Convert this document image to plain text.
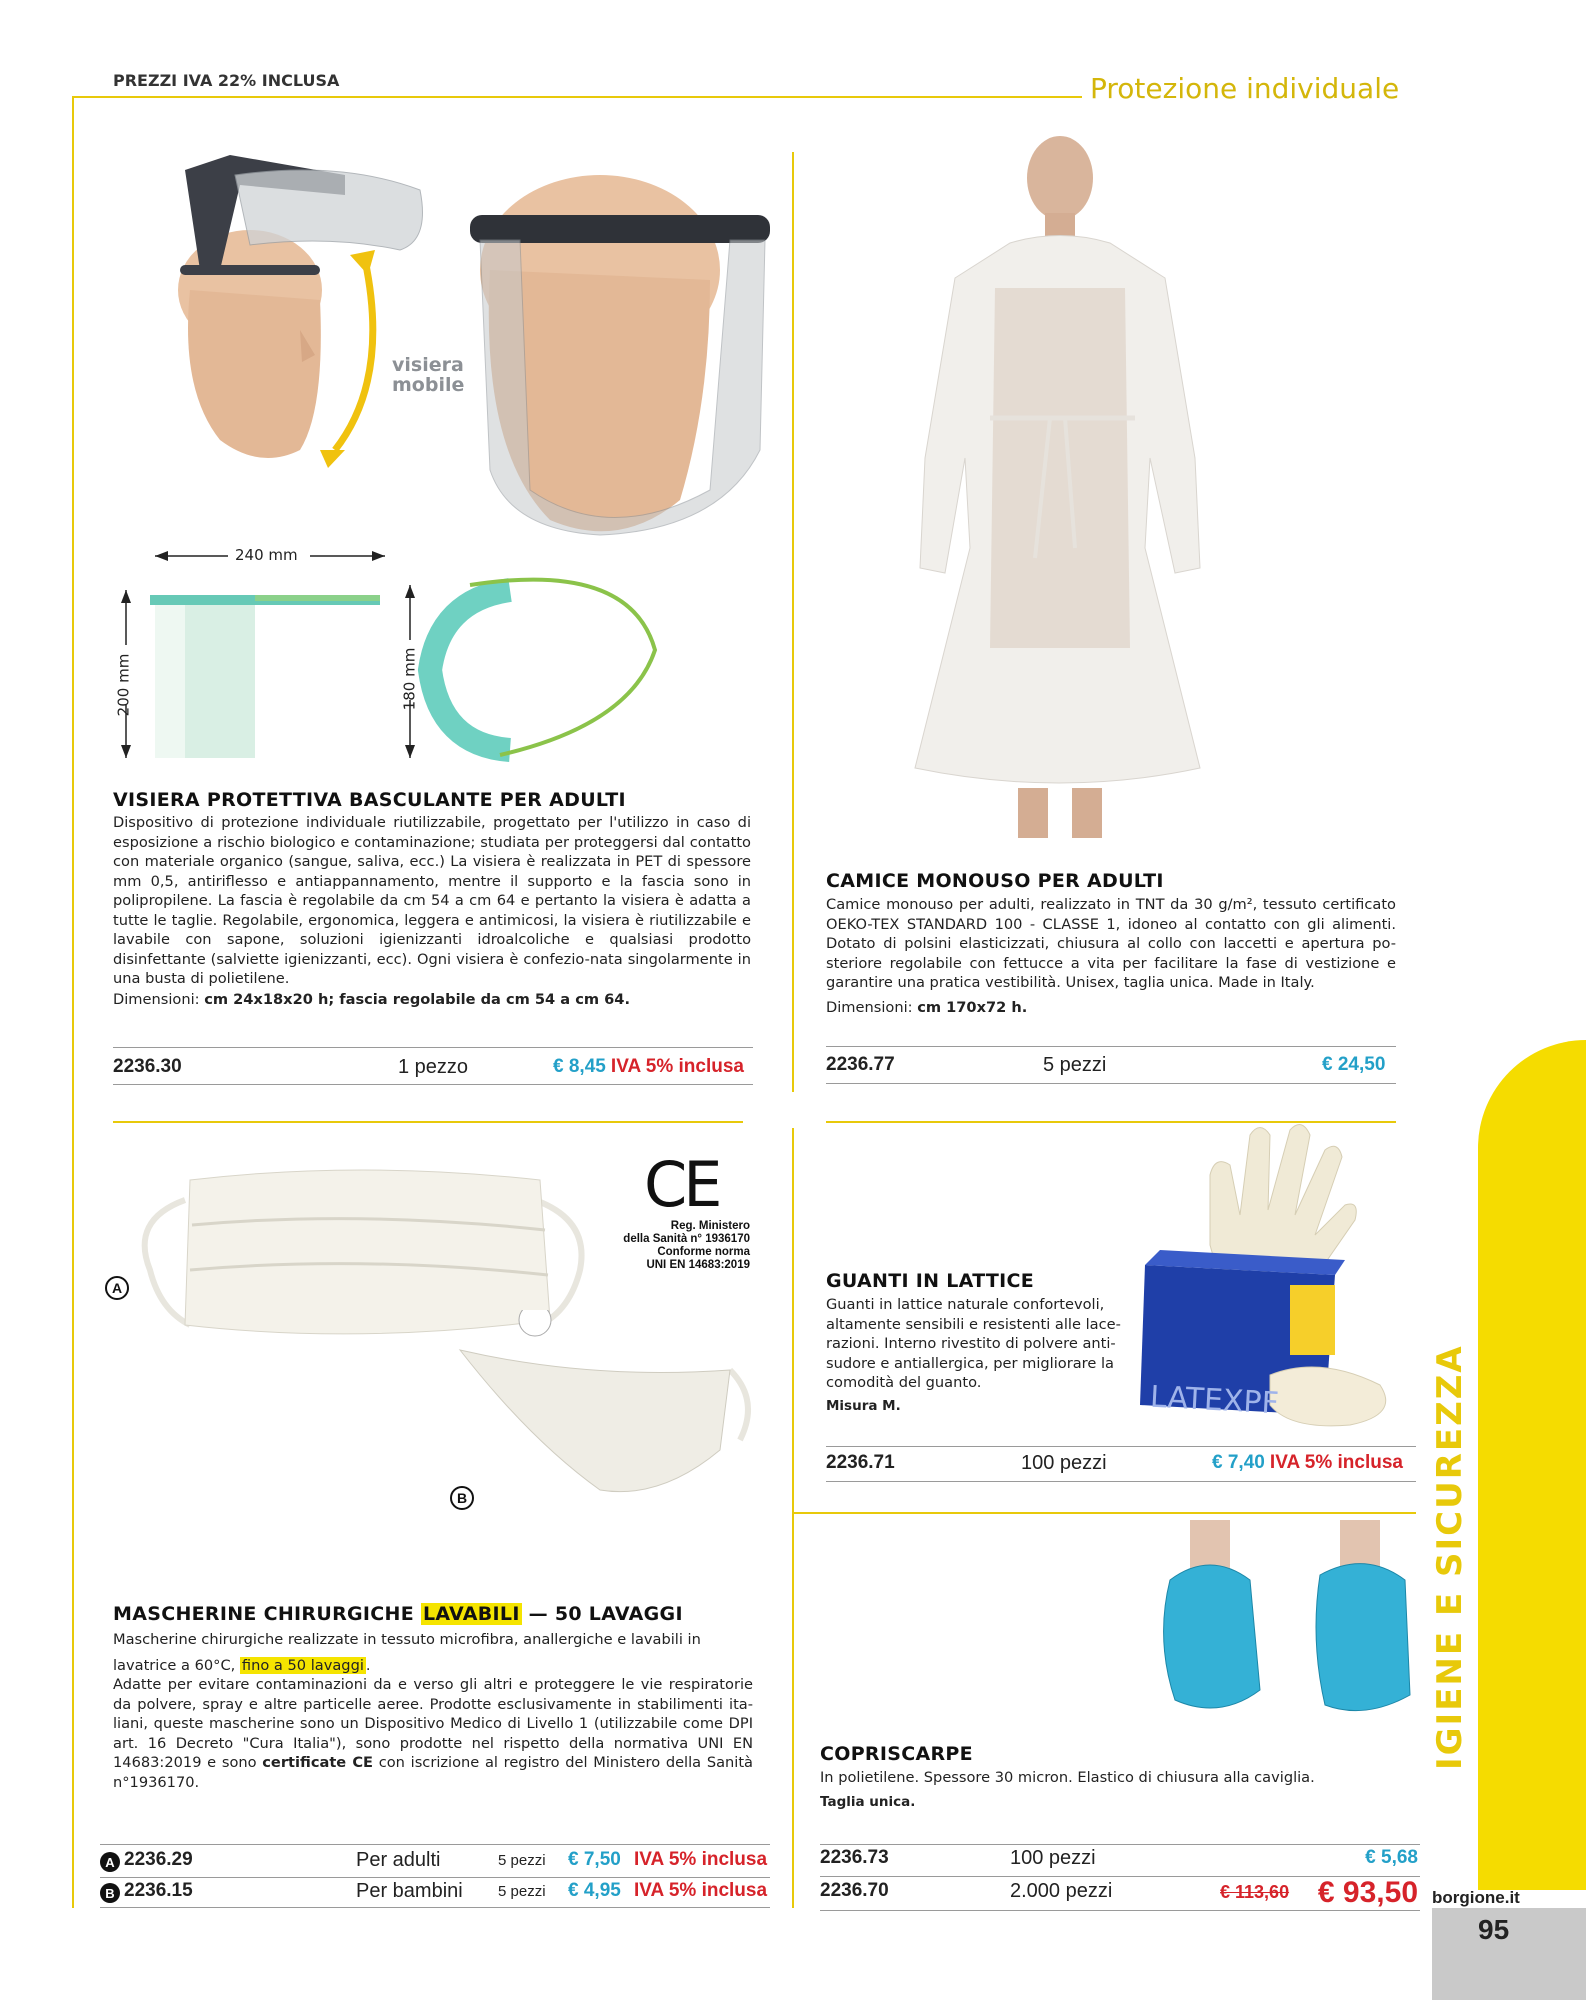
PREZZI IVA 22% INCLUSA	Protezione individuale
IGIENE E SICUREZZA
borgione.it
95
visiera
mobile
240 mm
200 mm	180 mm
VISIERA PROTETTIVA BASCULANTE PER ADULTI
Dispositivo di protezione individuale riutilizzabile, progettato per l'utilizzo in caso di esposizione a rischio biologico e contaminazione; studiata per proteggersi dal contatto con materiale organico (sangue, saliva, ecc.) La visiera è realizzata in PET di spessore mm 0,5, antiriflesso e antiappannamento, mentre il supporto e la fascia sono in polipropilene. La fascia è regolabile da cm 54 a cm 64 e pertanto la visiera è adatta a tutte le taglie. Regolabile, ergonomica, leggera e antimicosi, la visiera è riutilizzabile e lavabile con sapone, soluzioni igienizzanti idroalcoliche e qualsiasi prodotto disinfettante (salviette igienizzanti, ecc). Ogni visiera è confezio-nata singolarmente in una busta di polietilene.
Dimensioni: cm 24x18x20 h; fascia regolabile da cm 54 a cm 64.
2236.30	1 pezzo	€ 8,45 IVA 5% inclusa
CAMICE MONOUSO PER ADULTI
Camice monouso per adulti, realizzato in TNT da 30 g/m², tessuto certificato OEKO-TEX STANDARD 100 - CLASSE 1, idoneo al contatto con gli alimenti. Dotato di polsini elasticizzati, chiusura al collo con laccetti e apertura po-steriore regolabile con fettucce a vita per facilitare la fase di vestizione e garantire una pratica vestibilità. Unisex, taglia unica. Made in Italy.
Dimensioni: cm 170x72 h.
2236.77	5 pezzi	€ 24,50
CE
Reg. Ministero
della Sanità n° 1936170
Conforme norma
UNI EN 14683:2019
A
B
MASCHERINE CHIRURGICHE LAVABILI — 50 LAVAGGI
Mascherine chirurgiche realizzate in tessuto microfibra, anallergiche e lavabili in lavatrice a 60°C, fino a 50 lavaggi .
Adatte per evitare contaminazioni da e verso gli altri e proteggere le vie respiratorie da polvere, spray e altre particelle aeree. Prodotte esclusivamente in stabilimenti ita-liani, queste mascherine sono un Dispositivo Medico di Livello 1 (utilizzabile come DPI art. 16 Decreto "Cura Italia"), sono prodotte nel rispetto della normativa UNI EN 14683:2019 e sono certificate CE con iscrizione al registro del Ministero della Sanità n°1936170.
A 2236.29	Per adulti	5 pezzi € 7,50 IVA 5% inclusa
B 2236.15	Per bambini 5 pezzi € 4,95 IVA 5% inclusa
LATEXPF
GUANTI IN LATTICE
Guanti in lattice naturale confortevoli, altamente sensibili e resistenti alle lace-razioni. Interno rivestito di polvere anti-sudore e antiallergica, per migliorare la comodità del guanto.
Misura M.
2236.71	100 pezzi	€ 7,40 IVA 5% inclusa
COPRISCARPE
In polietilene. Spessore 30 micron. Elastico di chiusura alla caviglia.
Taglia unica.
2236.73	100 pezzi	€ 5,68
2236.70	2.000 pezzi	€ 113,60 € 93,50
